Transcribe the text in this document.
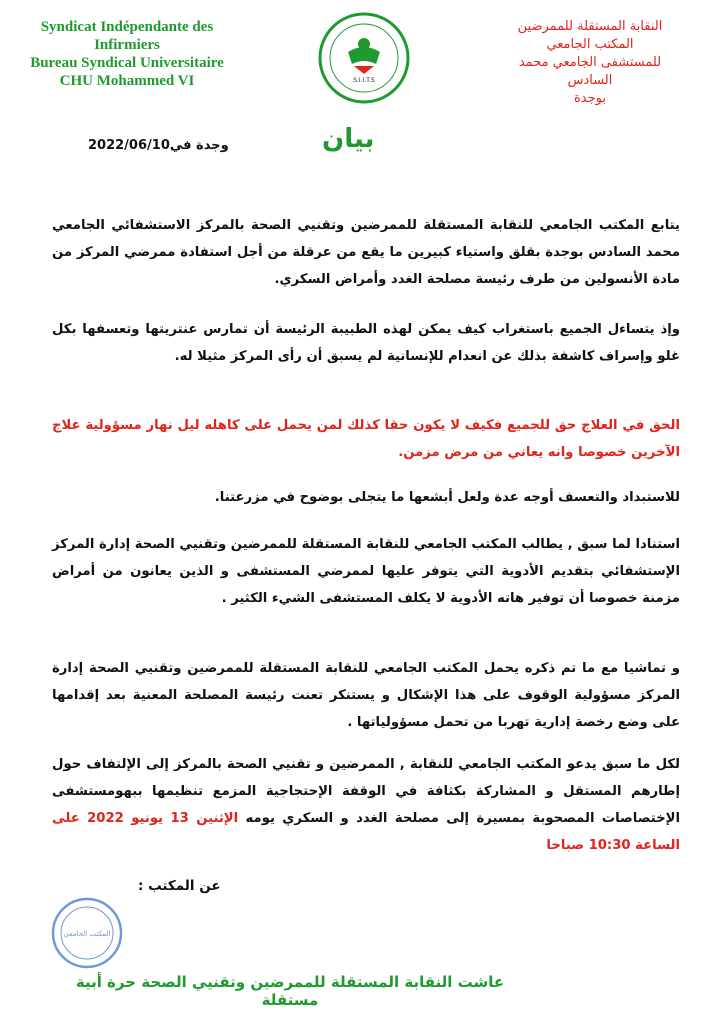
Syndicat Indépendante des
Infirmiers
Bureau Syndical Universitaire
CHU Mohammed VI	S.I.I.T.S
النقابة المستقلة للممرضين
المكتب الجامعي
للمستشفى الجامعي محمد السادس
بوجدة
وجدة في2022/06/10	بيان

يتابع المكتب الجامعي للنقابة المستقلة للممرضين وتقنيي الصحة بالمركز الاستشفائي الجامعي محمد السادس بوجدة بقلق واستياء كبيرين ما يقع من عرقلة من أجل استفادة ممرضي المركز من مادة الأنسولين من طرف رئيسة مصلحة الغدد وأمراض السكري.

وإذ يتساءل الجميع باستغراب كيف يمكن لهذه الطبيبة الرئيسة أن تمارس عنتريتها وتعسفها بكل غلو وإسراف كاشفة بذلك عن انعدام للإنسانية لم يسبق أن رأى المركز مثيلا له.

الحق في العلاج حق للجميع فكيف لا يكون حقا كذلك لمن يحمل على كاهله ليل نهار مسؤولية علاج الآخرين خصوصا وانه يعاني من مرض مزمن.

للاستبداد والتعسف أوجه عدة ولعل أبشعها ما يتجلى بوضوح في مزرعتنا.

استنادا لما سبق , يطالب المكتب الجامعي للنقابة المستقلة للممرضين وتقنيي الصحة إدارة المركز الإستشفائي بتقديم الأدوية التي يتوفر عليها لممرضي المستشفى و الذين يعانون من أمراض مزمنة خصوصا أن توفير هاته الأدوية لا يكلف المستشفى الشيء الكثير .

و تماشيا مع ما تم ذكره يحمل المكتب الجامعي للنقابة المستقلة للممرضين وتقنيي الصحة إدارة المركز مسؤولية الوقوف على هذا الإشكال و يستنكر تعنت رئيسة المصلحة المعنية بعد إقدامها على وضع رخصة إدارية تهربا من تحمل مسؤولياتها .

لكل ما سبق يدعو المكتب الجامعي للنقابة , الممرضين و تقنيي الصحة بالمركز إلى الإلتفاف حول إطارهم المستقل و المشاركة بكثافة في الوقفة الإحتجاجية المزمع تنظيمها ببهومستشفى الإختصاصات المصحوبة بمسيرة إلى مصلحة الغدد و السكري يومه الإثنين 13 يونيو 2022 على الساعة 10:30 صباحا

عن المكتب :
المكتب الجامعي
عاشت النقابة المستقلة للممرضين وتقنيي الصحة حرة أبية مستقلة
